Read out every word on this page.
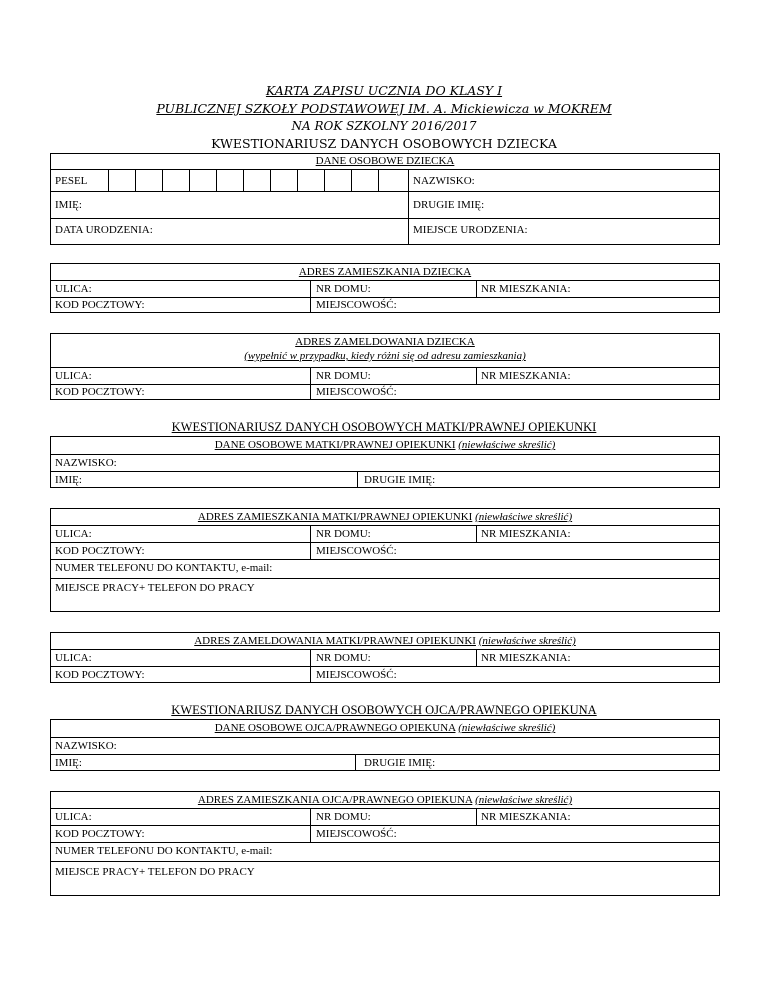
KARTA ZAPISU UCZNIA DO KLASY I
PUBLICZNEJ SZKOŁY PODSTAWOWEJ IM. A. Mickiewicza w MOKREM
NA ROK SZKOLNY 2016/2017
KWESTIONARIUSZ DANYCH OSOBOWYCH DZIECKA
DANE OSOBOWE DZIECKA
PESEL	NAZWISKO:
IMIĘ:	DRUGIE IMIĘ:
DATA URODZENIA:	MIEJSCE URODZENIA:
ADRES ZAMIESZKANIA DZIECKA
ULICA:	NR DOMU:	NR MIESZKANIA:
KOD POCZTOWY:	MIEJSCOWOŚĆ:
ADRES ZAMELDOWANIA DZIECKA
(wypełnić w przypadku, kiedy różni się od adresu zamieszkania)
ULICA:	NR DOMU:	NR MIESZKANIA:
KOD POCZTOWY:	MIEJSCOWOŚĆ:
KWESTIONARIUSZ DANYCH OSOBOWYCH MATKI/PRAWNEJ OPIEKUNKI
DANE OSOBOWE MATKI/PRAWNEJ OPIEKUNKI (niewłaściwe skreślić)
NAZWISKO:
IMIĘ:	DRUGIE IMIĘ:
ADRES ZAMIESZKANIA MATKI/PRAWNEJ OPIEKUNKI (niewłaściwe skreślić)
ULICA:	NR DOMU:	NR MIESZKANIA:
KOD POCZTOWY:	MIEJSCOWOŚĆ:
NUMER TELEFONU DO KONTAKTU, e-mail:
MIEJSCE PRACY+ TELEFON DO PRACY
ADRES ZAMELDOWANIA MATKI/PRAWNEJ OPIEKUNKI (niewłaściwe skreślić)
ULICA:	NR DOMU:	NR MIESZKANIA:
KOD POCZTOWY:	MIEJSCOWOŚĆ:
KWESTIONARIUSZ DANYCH OSOBOWYCH OJCA/PRAWNEGO OPIEKUNA
DANE OSOBOWE OJCA/PRAWNEGO OPIEKUNA (niewłaściwe skreślić)
NAZWISKO:
IMIĘ:	DRUGIE IMIĘ:
ADRES ZAMIESZKANIA OJCA/PRAWNEGO OPIEKUNA (niewłaściwe skreślić)
ULICA:	NR DOMU:	NR MIESZKANIA:
KOD POCZTOWY:	MIEJSCOWOŚĆ:
NUMER TELEFONU DO KONTAKTU, e-mail:
MIEJSCE PRACY+ TELEFON DO PRACY
